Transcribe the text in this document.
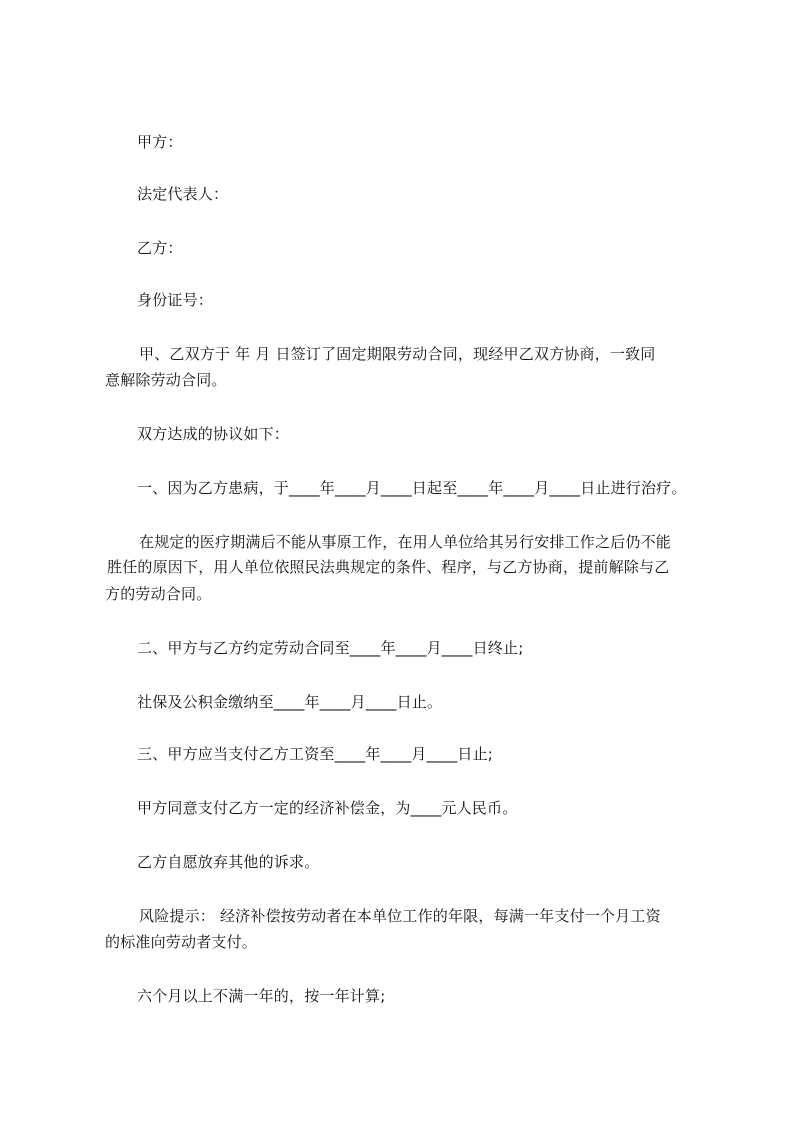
甲方：
法定代表人：
乙方：
身份证号：
甲、乙双方于 年 月 日签订了固定期限劳动合同，现经甲乙双方协商，一致同
意解除劳动合同。
双方达成的协议如下：
一、因为乙方患病，于____年____月____日起至____年____月____日止进行治疗。
在规定的医疗期满后不能从事原工作，在用人单位给其另行安排工作之后仍不能
胜任的原因下，用人单位依照民法典规定的条件、程序，与乙方协商，提前解除与乙
方的劳动合同。
二、甲方与乙方约定劳动合同至____年____月____日终止;
社保及公积金缴纳至____年____月____日止。
三、甲方应当支付乙方工资至____年____月____日止;
甲方同意支付乙方一定的经济补偿金，为____元人民币。
乙方自愿放弃其他的诉求。
风险提示： 经济补偿按劳动者在本单位工作的年限，每满一年支付一个月工资
的标准向劳动者支付。
六个月以上不满一年的，按一年计算;
